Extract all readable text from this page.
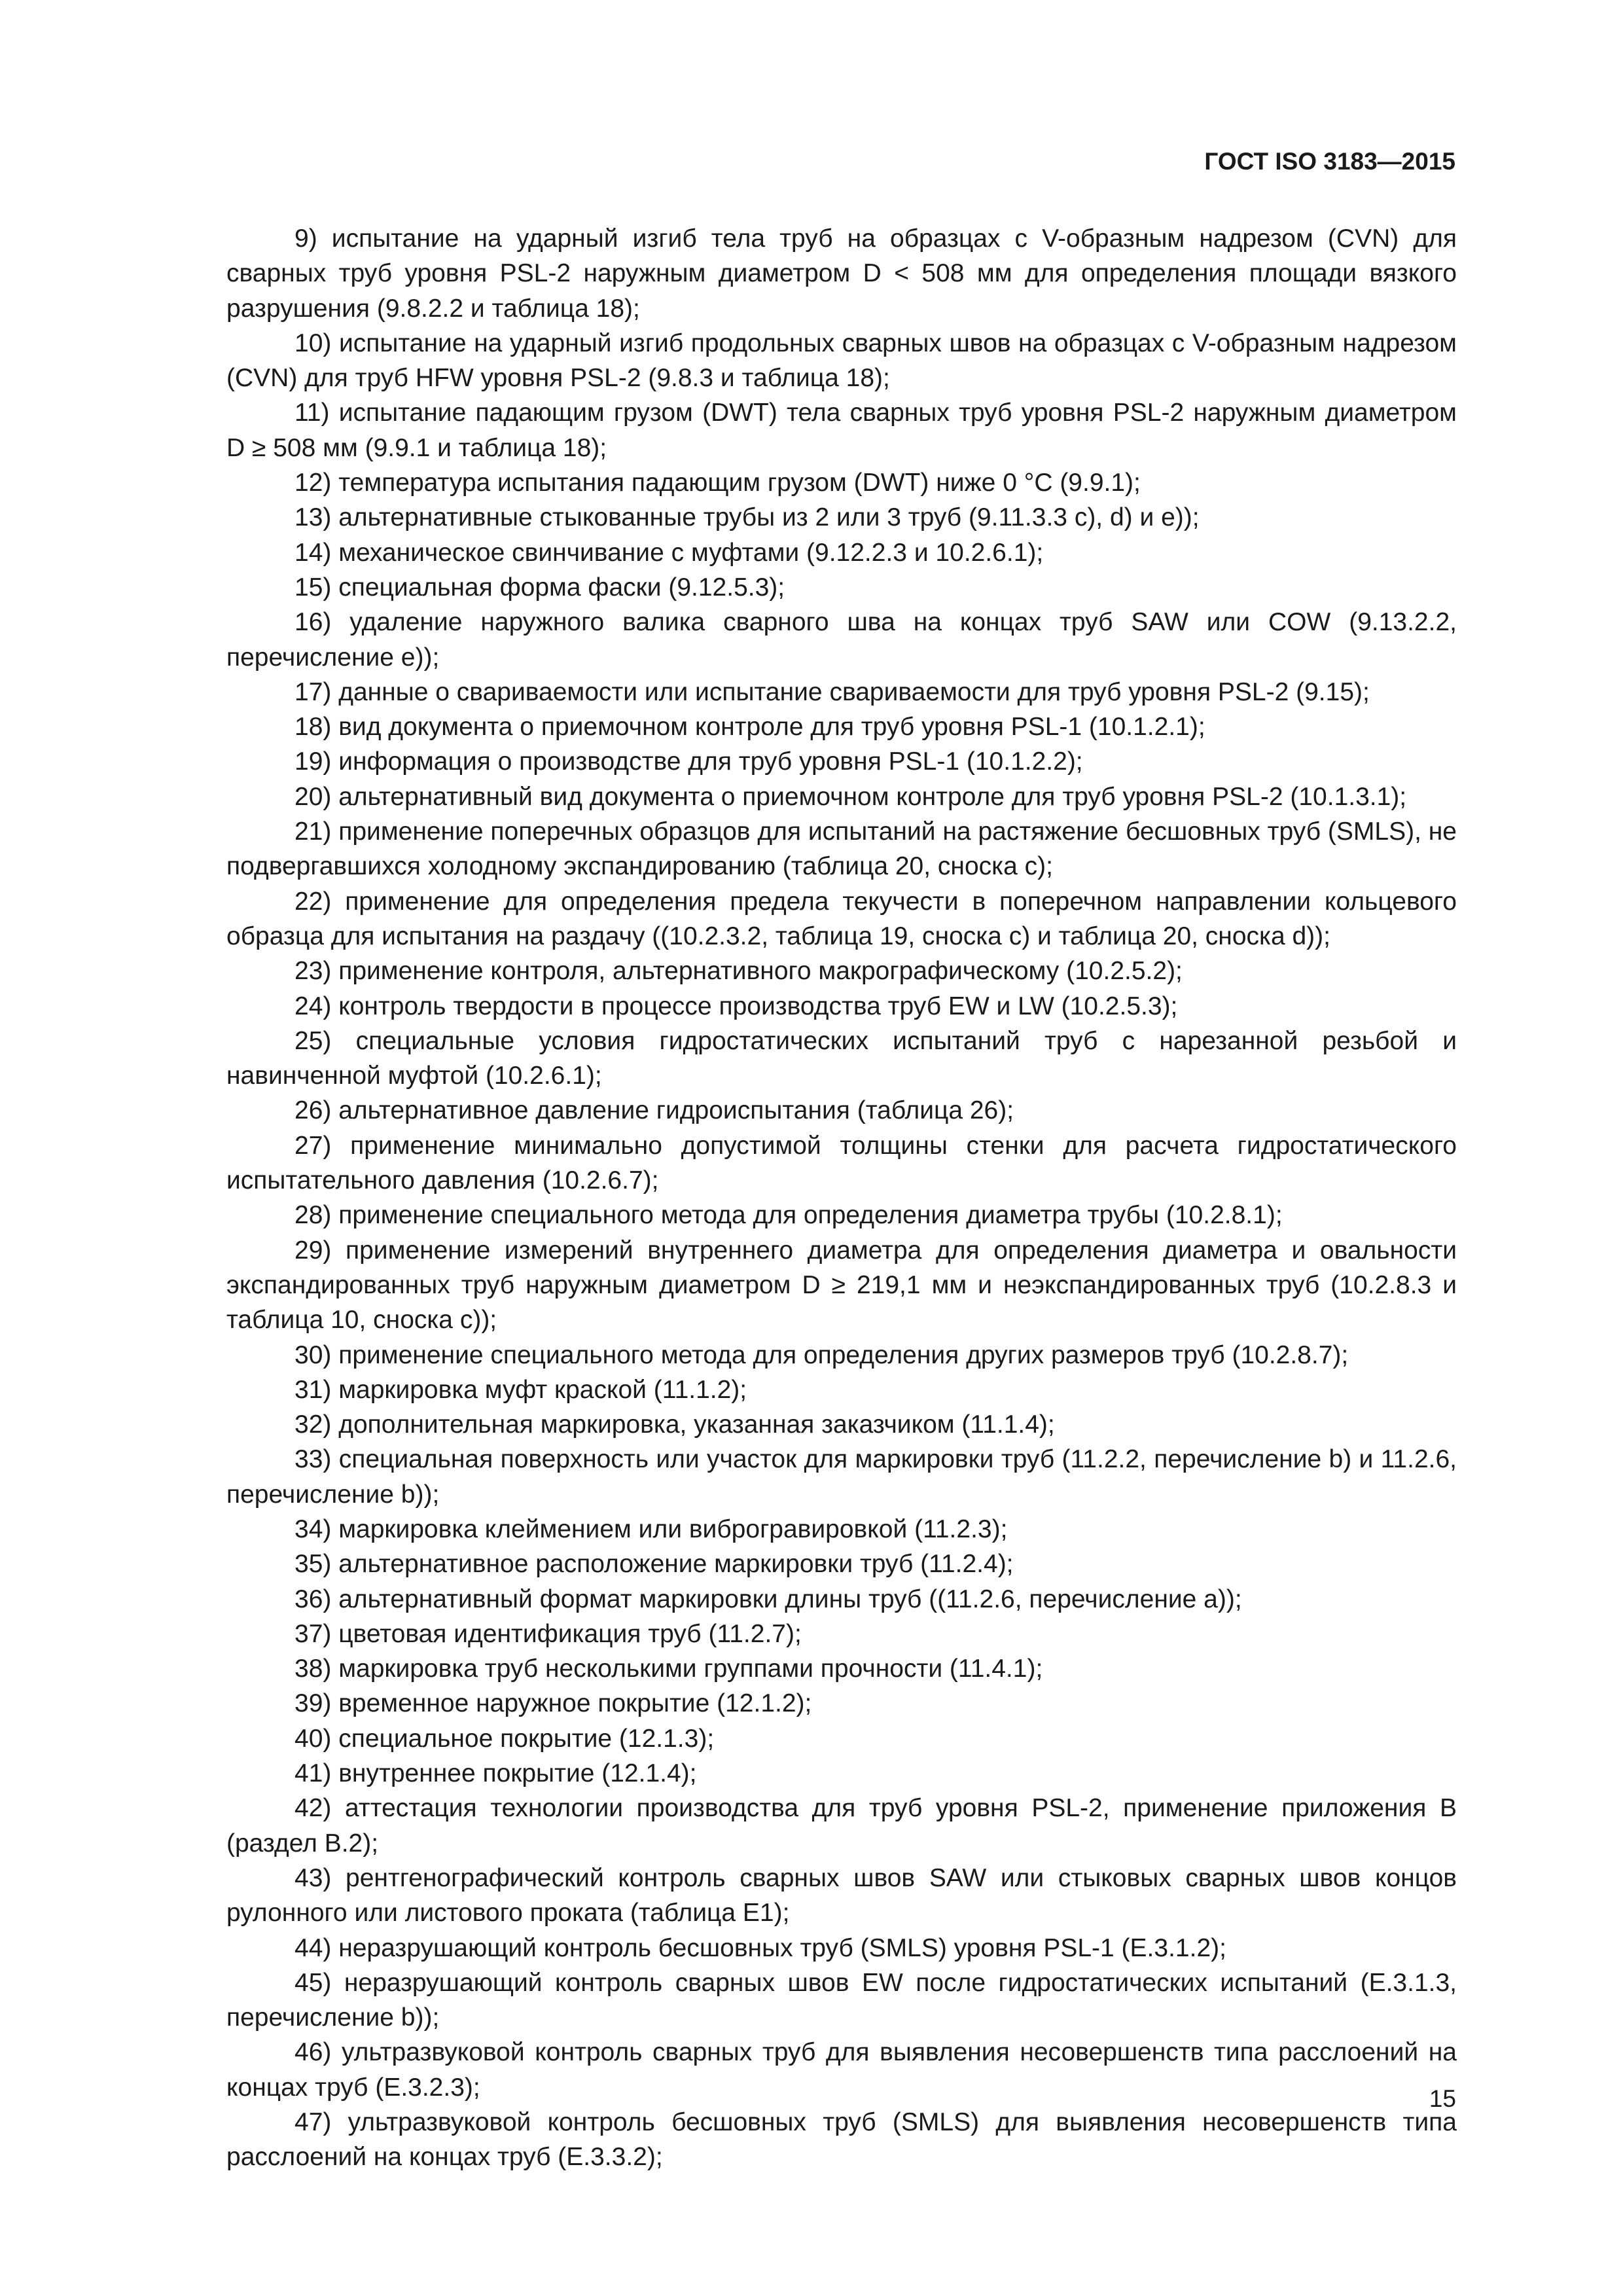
ГОСТ ISO 3183—2015

9) испытание на ударный изгиб тела труб на образцах с V-образным надрезом (CVN) для сварных труб уровня PSL-2 наружным диаметром D < 508 мм для определения площади вязкого разрушения (9.8.2.2 и таблица 18);

10) испытание на ударный изгиб продольных сварных швов на образцах с V-образным надрезом (CVN) для труб HFW уровня PSL-2 (9.8.3 и таблица 18);

11) испытание падающим грузом (DWT) тела сварных труб уровня PSL-2 наружным диаметром D ≥ 508 мм (9.9.1 и таблица 18);

12) температура испытания падающим грузом (DWT) ниже 0 °С (9.9.1);

13) альтернативные стыкованные трубы из 2 или 3 труб (9.11.3.3 с), d) и е));

14) механическое свинчивание с муфтами (9.12.2.3 и 10.2.6.1);

15) специальная форма фаски (9.12.5.3);

16) удаление наружного валика сварного шва на концах труб SAW или COW (9.13.2.2, перечисление е));

17) данные о свариваемости или испытание свариваемости для труб уровня PSL-2 (9.15);

18) вид документа о приемочном контроле для труб уровня PSL-1 (10.1.2.1);

19) информация о производстве для труб уровня PSL-1 (10.1.2.2);

20) альтернативный вид документа о приемочном контроле для труб уровня PSL-2 (10.1.3.1);

21) применение поперечных образцов для испытаний на растяжение бесшовных труб (SMLS), не подвергавшихся холодному экспандированию (таблица 20, сноска с);

22) применение для определения предела текучести в поперечном направлении кольцевого образца для испытания на раздачу ((10.2.3.2, таблица 19, сноска с) и таблица 20, сноска d));

23) применение контроля, альтернативного макрографическому (10.2.5.2);

24) контроль твердости в процессе производства труб EW и LW (10.2.5.3);

25) специальные условия гидростатических испытаний труб с нарезанной резьбой и навинченной муфтой (10.2.6.1);

26) альтернативное давление гидроиспытания (таблица 26);

27) применение минимально допустимой толщины стенки для расчета гидростатического испытательного давления (10.2.6.7);

28) применение специального метода для определения диаметра трубы (10.2.8.1);

29) применение измерений внутреннего диаметра для определения диаметра и овальности экспандированных труб наружным диаметром D ≥ 219,1 мм и неэкспандированных труб (10.2.8.3 и таблица 10, сноска с));

30) применение специального метода для определения других размеров труб (10.2.8.7);

31) маркировка муфт краской (11.1.2);

32) дополнительная маркировка, указанная заказчиком (11.1.4);

33) специальная поверхность или участок для маркировки труб (11.2.2, перечисление b) и 11.2.6, перечисление b));

34) маркировка клеймением или виброгравировкой (11.2.3);

35) альтернативное расположение маркировки труб (11.2.4);

36) альтернативный формат маркировки длины труб ((11.2.6, перечисление а));

37) цветовая идентификация труб (11.2.7);

38) маркировка труб несколькими группами прочности (11.4.1);

39) временное наружное покрытие (12.1.2);

40) специальное покрытие (12.1.3);

41) внутреннее покрытие (12.1.4);

42) аттестация технологии производства для труб уровня PSL-2, применение приложения В (раздел В.2);

43) рентгенографический контроль сварных швов SAW или стыковых сварных швов концов рулонного или листового проката (таблица Е1);

44) неразрушающий контроль бесшовных труб (SMLS) уровня PSL-1 (Е.3.1.2);

45) неразрушающий контроль сварных швов EW после гидростатических испытаний (Е.3.1.3, перечисление b));

46) ультразвуковой контроль сварных труб для выявления несовершенств типа расслоений на концах труб (Е.3.2.3);

47) ультразвуковой контроль бесшовных труб (SMLS) для выявления несовершенств типа расслоений на концах труб (Е.3.3.2);

15
